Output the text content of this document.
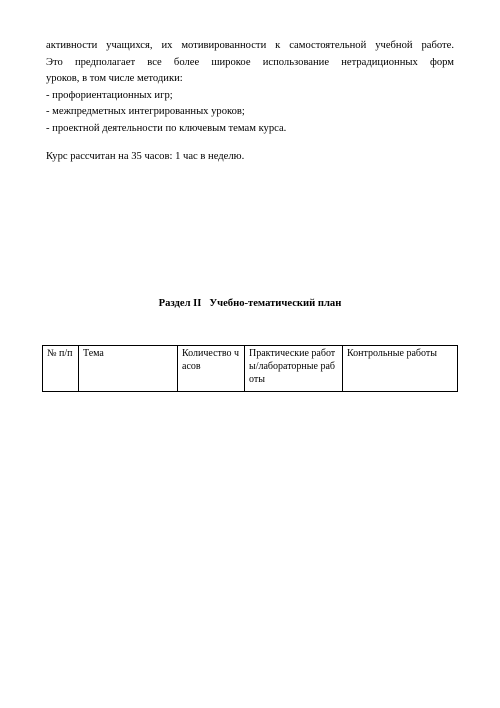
активности учащихся, их мотивированности к самостоятельной учебной работе.
Это предполагает все более широкое использование нетрадиционных форм
уроков, в том числе методики:
- профориентационных игр;
- межпредметных интегрированных уроков;
- проектной деятельности по ключевым темам курса.
Курс рассчитан на 35 часов: 1 час в неделю.
Раздел II   Учебно-тематический план
№ п/п	Тема	Количество часов	Практические работы/лабораторные работы	Контрольные работы
